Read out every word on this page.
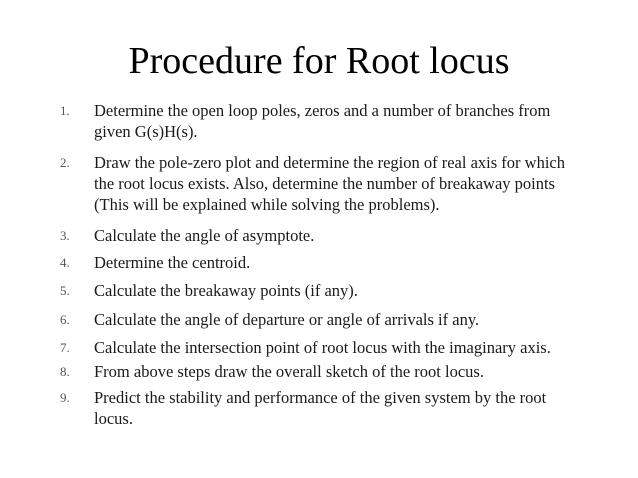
Procedure for Root locus
1. Determine the open loop poles, zeros and a number of branches from
given G(s)H(s).
2. Draw the pole-zero plot and determine the region of real axis for which
the root locus exists. Also, determine the number of breakaway points
(This will be explained while solving the problems).
3. Calculate the angle of asymptote.
4. Determine the centroid.
5. Calculate the breakaway points (if any).
6. Calculate the angle of departure or angle of arrivals if any.
7. Calculate the intersection point of root locus with the imaginary axis.
8. From above steps draw the overall sketch of the root locus.
9. Predict the stability and performance of the given system by the root
locus.
